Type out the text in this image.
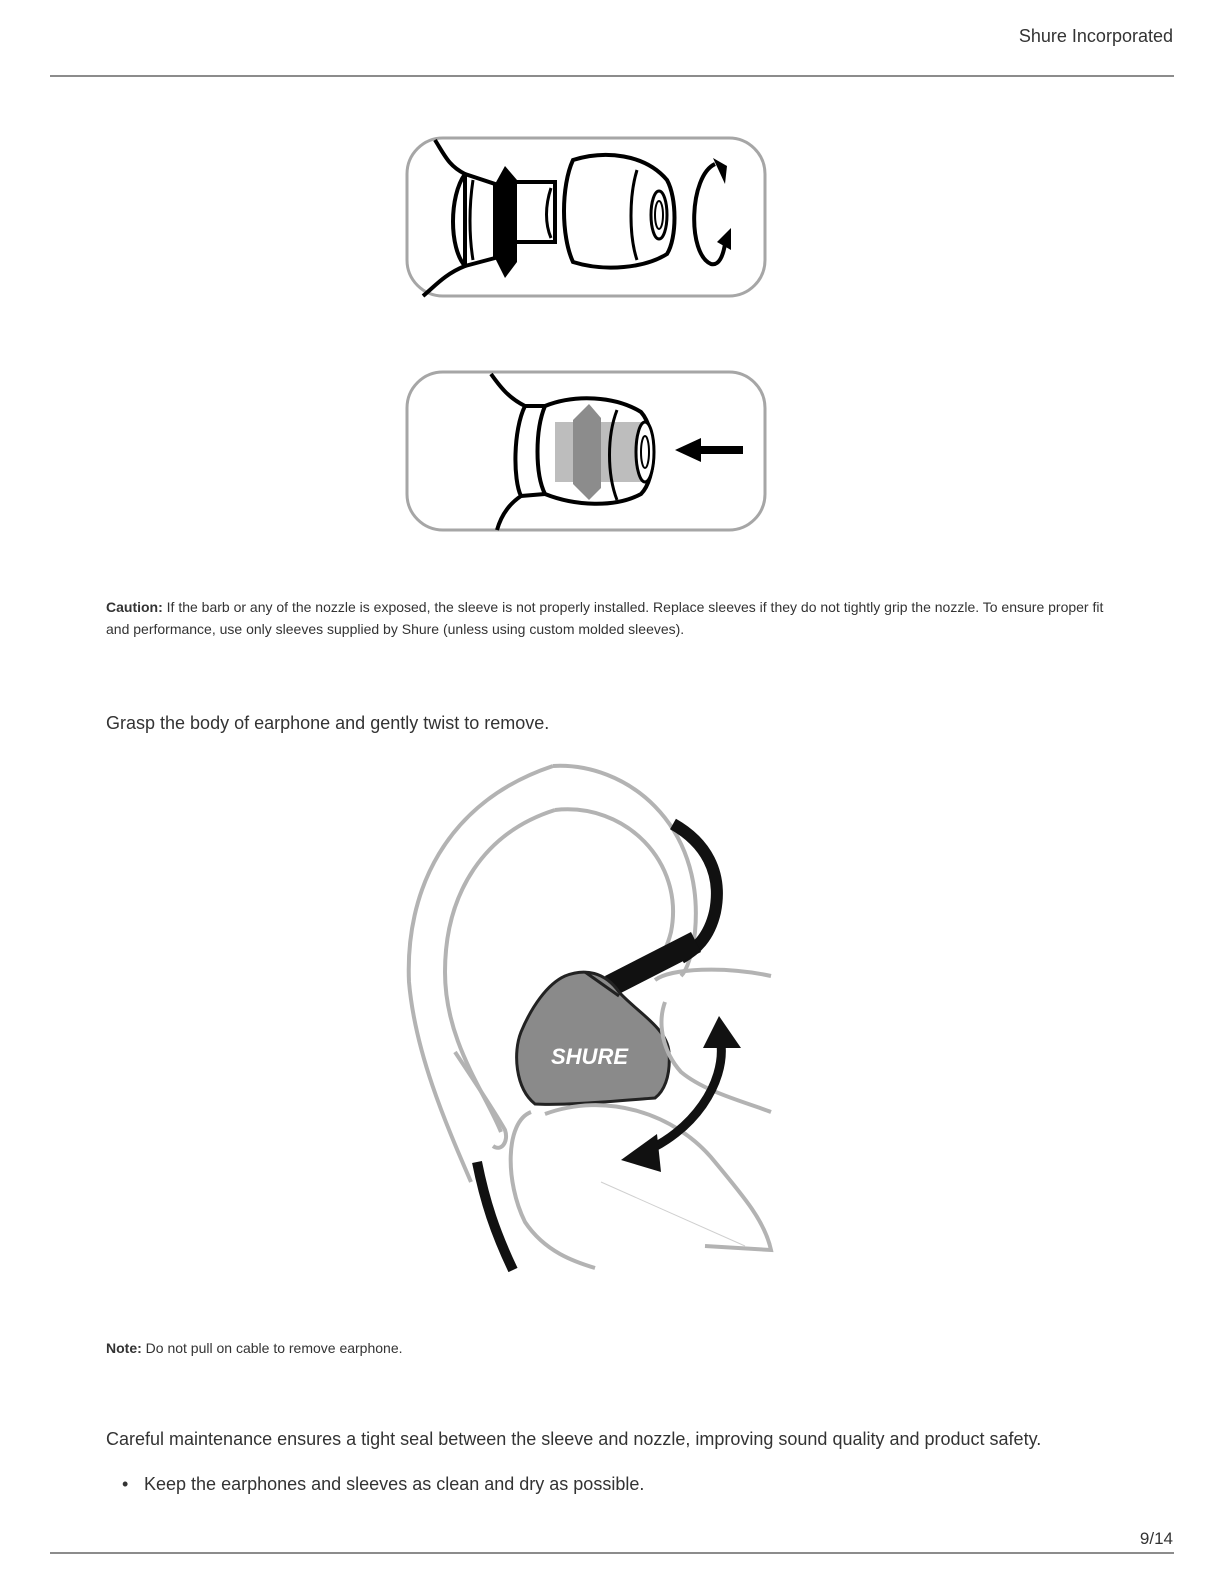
Shure Incorporated
Caution: If the barb or any of the nozzle is exposed, the sleeve is not properly installed. Replace sleeves if they do not tightly grip the nozzle. To ensure proper fit and performance, use only sleeves supplied by Shure (unless using custom molded sleeves).
Grasp the body of earphone and gently twist to remove.
SHURE
Note: Do not pull on cable to remove earphone.
Careful maintenance ensures a tight seal between the sleeve and nozzle, improving sound quality and product safety.
• Keep the earphones and sleeves as clean and dry as possible.
9/14
